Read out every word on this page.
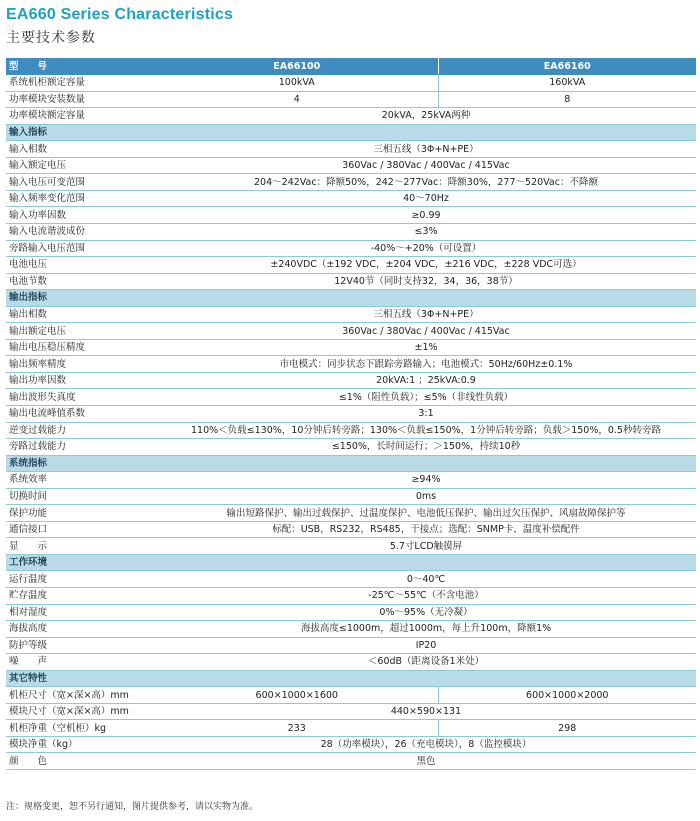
EA660 Series Characteristics
主要技术参数
型　　号	EA66100	EA66160
系统机柜额定容量	100kVA	160kVA
功率模块安装数量	4	8
功率模块额定容量	20kVA，25kVA两种	
输入指标		
输入相数	三相五线（3Φ+N+PE）	
输入额定电压	360Vac / 380Vac / 400Vac / 415Vac	
输入电压可变范围	204～242Vac：降额50%，242～277Vac：降额30%，277～520Vac：不降额	
输入频率变化范围	40～70Hz	
输入功率因数	≥0.99	
输入电流谐波成份	≤3%	
旁路输入电压范围	-40%～+20%（可设置）	
电池电压	±240VDC（±192 VDC，±204 VDC，±216 VDC，±228 VDC可选）	
电池节数	12V40节（同时支持32，34，36，38节）	
输出指标		
输出相数	三相五线（3Φ+N+PE）	
输出额定电压	360Vac / 380Vac / 400Vac / 415Vac	
输出电压稳压精度	±1%	
输出频率精度	市电模式：同步状态下跟踪旁路输入；电池模式：50Hz/60Hz±0.1%	
输出功率因数	20kVA:1 ；25kVA:0.9	
输出波形失真度	≤1%（阻性负载）；≤5%（非线性负载）	
输出电流峰值系数	3:1	
逆变过载能力	110%＜负载≤130%，10分钟后转旁路；130%＜负载≤150%，1分钟后转旁路；负载＞150%，0.5秒转旁路	
旁路过载能力	≤150%，长时间运行；＞150%，持续10秒	
系统指标		
系统效率	≥94%	
切换时间	0ms	
保护功能	输出短路保护、输出过载保护、过温度保护、电池低压保护、输出过欠压保护、风扇故障保护等	
通信接口	标配：USB，RS232，RS485，干接点；选配：SNMP卡、温度补偿配件	
显　　示	5.7寸LCD触摸屏	
工作环境		
运行温度	0～40℃	
贮存温度	-25℃～55℃（不含电池）	
相对湿度	0%～95%（无冷凝）	
海拔高度	海拔高度≤1000m，超过1000m，每上升100m，降额1%	
防护等级	IP20	
噪　　声	＜60dB（距离设备1米处）	
其它特性		
机柜尺寸（宽×深×高）mm	600×1000×1600	600×1000×2000
模块尺寸（宽×深×高）mm	440×590×131	
机柜净重（空机柜）kg	233	298
模块净重（kg）	28（功率模块），26（充电模块），8（监控模块）	
颜　　色	黑色	
注：规格变更，恕不另行通知，图片提供参考，请以实物为准。
